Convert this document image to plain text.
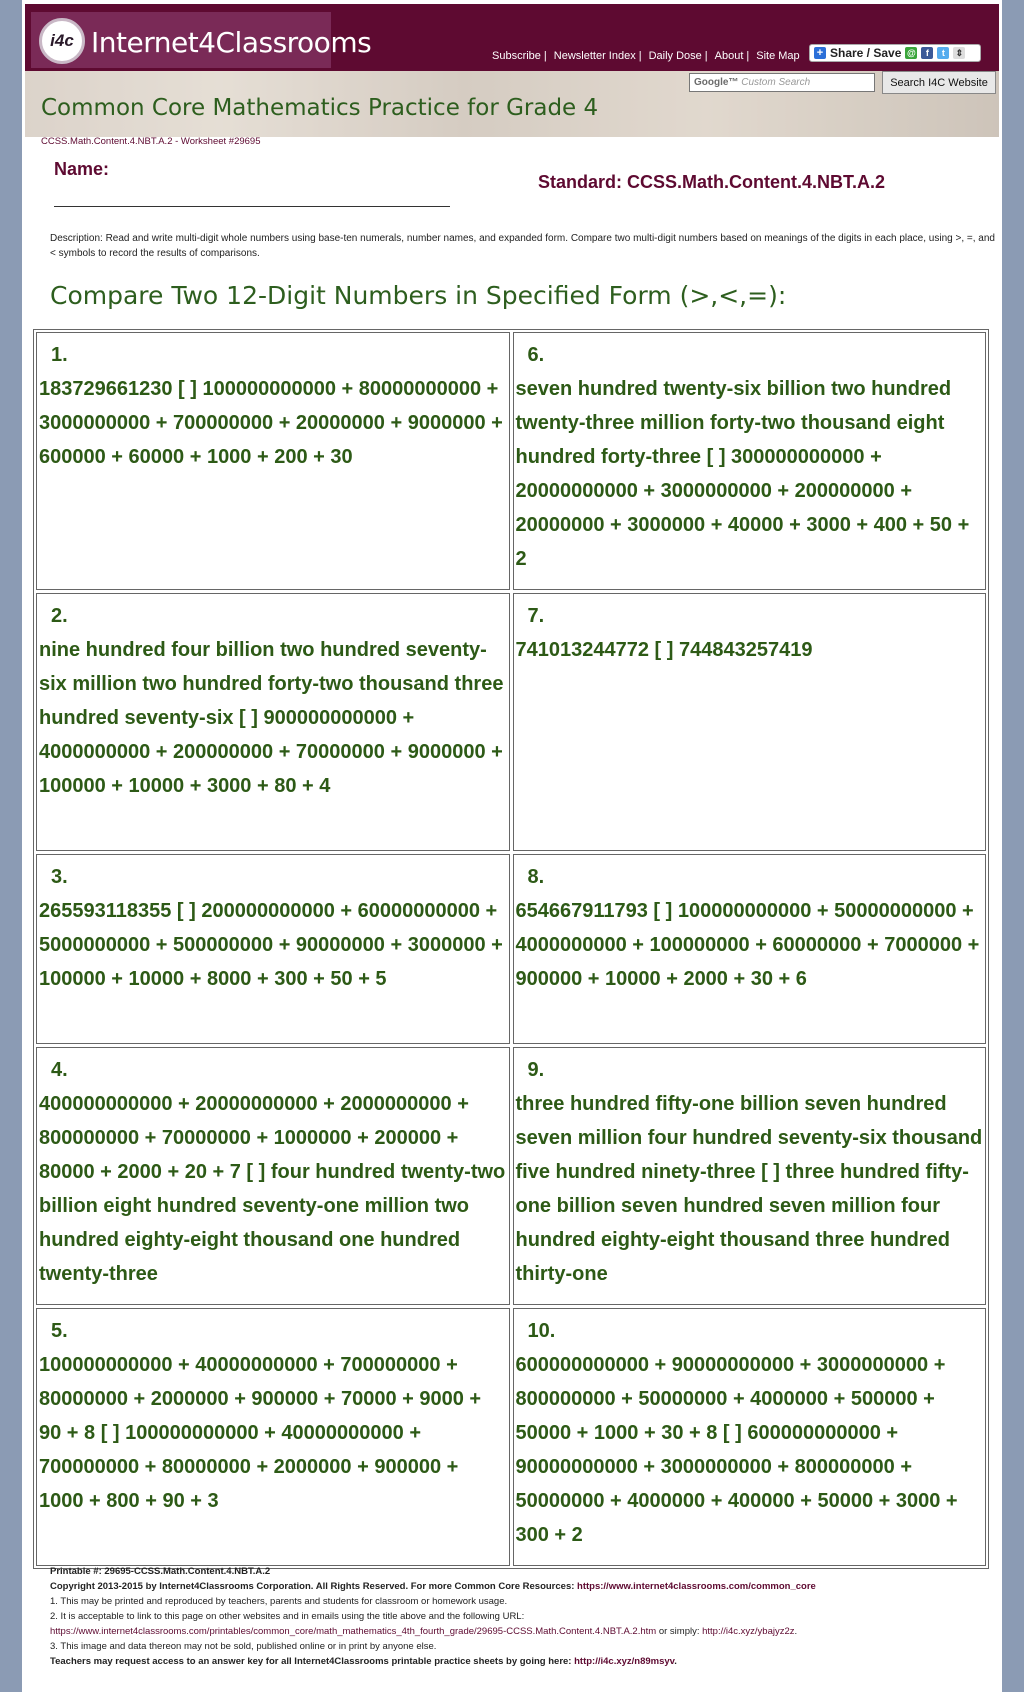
i4c Internet4Classrooms	Subscribe | Newsletter Index | Daily Dose | About | Site Map + Share / Save @	f	t	⇕
Google™ Custom Search	Search I4C Website
Common Core Mathematics Practice for Grade 4
CCSS.Math.Content.4.NBT.A.2 - Worksheet #29695
Name:
Standard: CCSS.Math.Content.4.NBT.A.2
Description: Read and write multi-digit whole numbers using base-ten numerals, number names, and expanded form. Compare two multi-digit numbers based on meanings of the digits in each place, using >, =, and < symbols to record the results of comparisons.
Compare Two 12-Digit Numbers in Specified Form (>,<,=):
1.
183729661230 [ ] 100000000000 + 80000000000 + 3000000000 + 700000000 + 20000000 + 9000000 + 600000 + 60000 + 1000 + 200 + 30
6.
seven hundred twenty-six billion two hundred twenty-three million forty-two thousand eight hundred forty-three [ ] 300000000000 + 20000000000 + 3000000000 + 200000000 + 20000000 + 3000000 + 40000 + 3000 + 400 + 50 + 2
2.
nine hundred four billion two hundred seventy-six million two hundred forty-two thousand three hundred seventy-six [ ] 900000000000 + 4000000000 + 200000000 + 70000000 + 9000000 + 100000 + 10000 + 3000 + 80 + 4
7.
741013244772 [ ] 744843257419
3.
265593118355 [ ] 200000000000 + 60000000000 + 5000000000 + 500000000 + 90000000 + 3000000 + 100000 + 10000 + 8000 + 300 + 50 + 5
8.
654667911793 [ ] 100000000000 + 50000000000 + 4000000000 + 100000000 + 60000000 + 7000000 + 900000 + 10000 + 2000 + 30 + 6
4.
400000000000 + 20000000000 + 2000000000 + 800000000 + 70000000 + 1000000 + 200000 + 80000 + 2000 + 20 + 7 [ ] four hundred twenty-two billion eight hundred seventy-one million two hundred eighty-eight thousand one hundred twenty-three
9.
three hundred fifty-one billion seven hundred seven million four hundred seventy-six thousand five hundred ninety-three [ ] three hundred fifty-one billion seven hundred seven million four hundred eighty-eight thousand three hundred thirty-one
5.
100000000000 + 40000000000 + 700000000 + 80000000 + 2000000 + 900000 + 70000 + 9000 + 90 + 8 [ ] 100000000000 + 40000000000 + 700000000 + 80000000 + 2000000 + 900000 + 1000 + 800 + 90 + 3
10.
600000000000 + 90000000000 + 3000000000 + 800000000 + 50000000 + 4000000 + 500000 + 50000 + 1000 + 30 + 8 [ ] 600000000000 + 90000000000 + 3000000000 + 800000000 + 50000000 + 4000000 + 400000 + 50000 + 3000 + 300 + 2
Printable #: 29695-CCSS.Math.Content.4.NBT.A.2
Copyright 2013-2015 by Internet4Classrooms Corporation. All Rights Reserved. For more Common Core Resources: https://www.internet4classrooms.com/common_core
1. This may be printed and reproduced by teachers, parents and students for classroom or homework usage.
2. It is acceptable to link to this page on other websites and in emails using the title above and the following URL:
https://www.internet4classrooms.com/printables/common_core/math_mathematics_4th_fourth_grade/29695-CCSS.Math.Content.4.NBT.A.2.htm or simply: http://i4c.xyz/ybajyz2z.
3. This image and data thereon may not be sold, published online or in print by anyone else.
Teachers may request access to an answer key for all Internet4Classrooms printable practice sheets by going here: http://i4c.xyz/n89msyv.
